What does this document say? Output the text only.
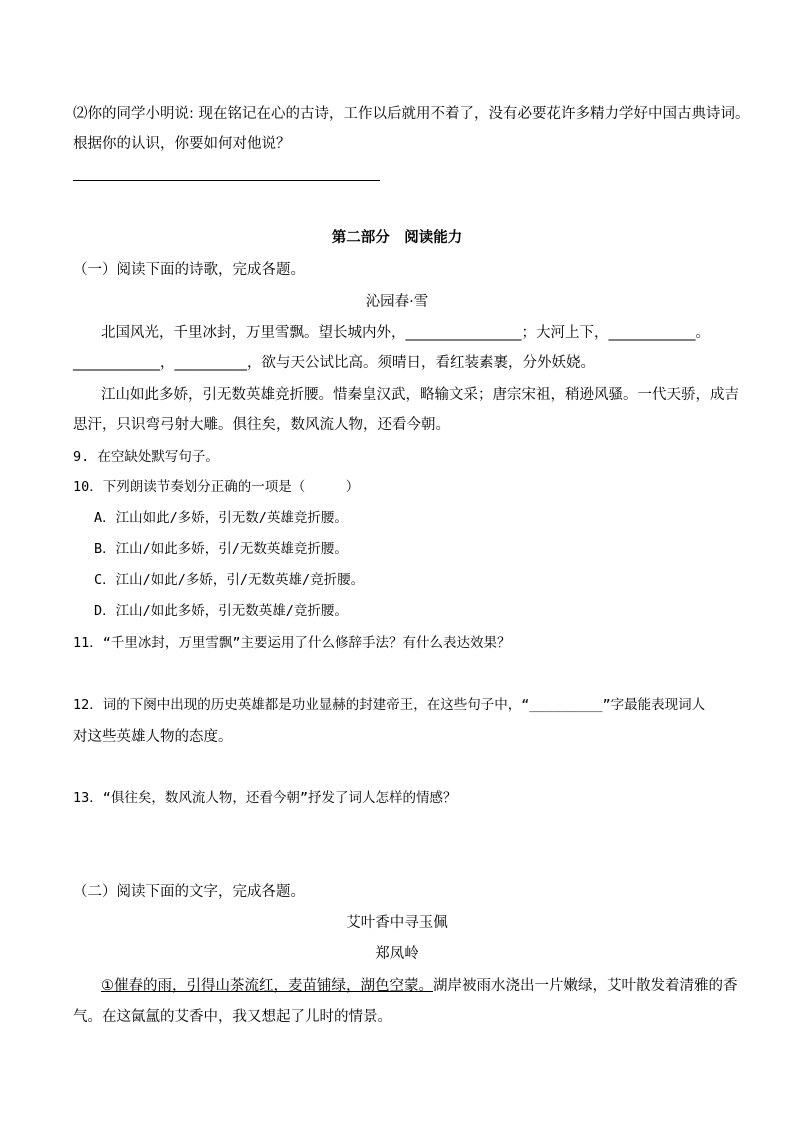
⑵你的同学小明说: 现在铭记在心的古诗，工作以后就用不着了，没有必要花许多精力学好中国古典诗词。
根据你的认识，你要如何对他说？
第二部分　阅读能力
（一）阅读下面的诗歌，完成各题。
沁园春·雪
北国风光，千里冰封，万里雪飘。望长城内外，________________；大河上下，____________。
____________，__________，欲与天公试比高。须晴日，看红装素裹，分外妖娆。
江山如此多娇，引无数英雄竞折腰。惜秦皇汉武，略输文采；唐宗宋祖，稍逊风骚。一代天骄，成吉
思汗，只识弯弓射大雕。俱往矣，数风流人物，还看今朝。
9. 在空缺处默写句子。
10．下列朗读节奏划分正确的一项是（　　　）
A．江山如此/多娇，引无数/英雄竞折腰。
B．江山/如此多娇，引/无数英雄竞折腰。
C．江山/如此/多娇，引/无数英雄/竞折腰。
D．江山/如此多娇，引无数英雄/竞折腰。
11．“千里冰封，万里雪飘”主要运用了什么修辞手法？有什么表达效果？
12．词的下阕中出现的历史英雄都是功业显赫的封建帝王，在这些句子中，“_________”字最能表现词人
对这些英雄人物的态度。
13．“俱往矣，数风流人物，还看今朝”抒发了词人怎样的情感？
（二）阅读下面的文字，完成各题。
艾叶香中寻玉佩
郑凤岭
①催春的雨，引得山茶流红，麦苗铺绿，湖色空蒙。湖岸被雨水浇出一片嫩绿，艾叶散发着清雅的香
气。在这氤氲的艾香中，我又想起了儿时的情景。
